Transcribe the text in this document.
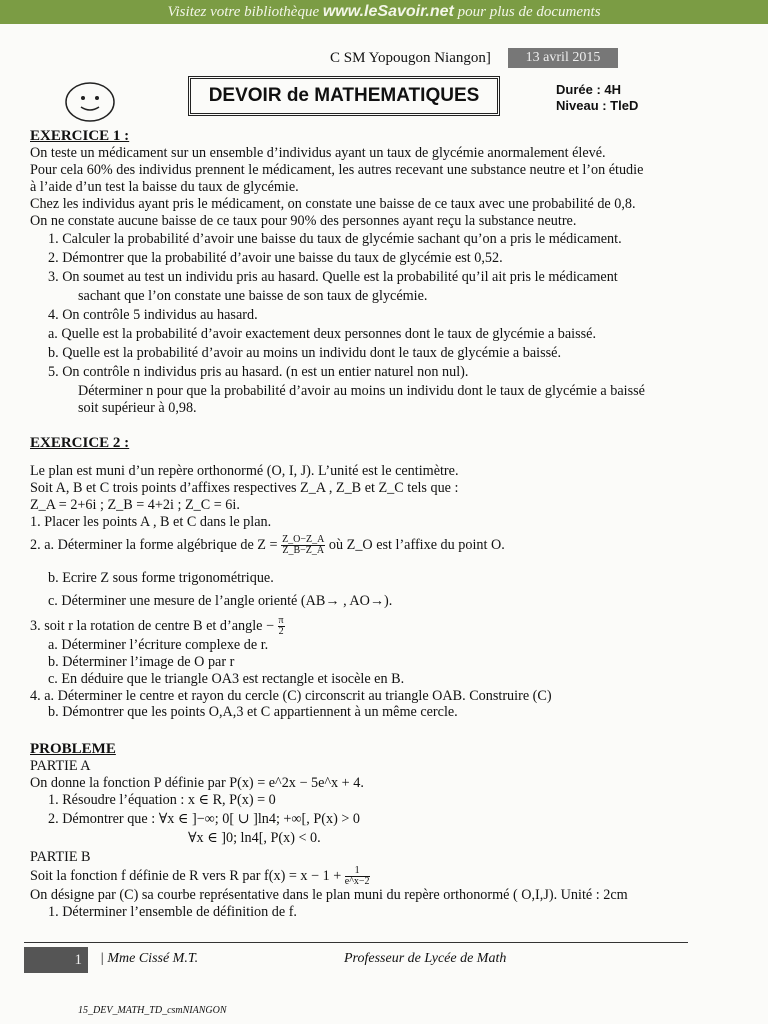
Visitez votre bibliothèque www.leSavoir.net pour plus de documents
C SM Yopougon Niangon]	13 avril 2015
DEVOIR de MATHEMATIQUES	Durée : 4H
Niveau : TleD

EXERCICE 1 :

On teste un médicament sur un ensemble d’individus ayant un taux de glycémie anormalement élevé.

Pour cela 60% des individus prennent le médicament, les autres recevant une substance neutre et l’on étudie

à l’aide d’un test la baisse du taux de glycémie.

Chez les individus ayant pris le médicament, on constate une baisse de ce taux avec une probabilité de 0,8.

On ne constate aucune baisse de ce taux pour 90% des personnes ayant reçu la substance neutre.

1. Calculer la probabilité d’avoir une baisse du taux de glycémie sachant qu’on a pris le médicament.

2. Démontrer que la probabilité d’avoir une baisse du taux de glycémie est 0,52.

3. On soumet au test un individu pris au hasard. Quelle est la probabilité qu’il ait pris le médicament

sachant que l’on constate une baisse de son taux de glycémie.

4. On contrôle 5 individus au hasard.

a. Quelle est la probabilité d’avoir exactement deux personnes dont le taux de glycémie a baissé.

b. Quelle est la probabilité d’avoir au moins un individu dont le taux de glycémie a baissé.

5. On contrôle n individus pris au hasard. (n est un entier naturel non nul).

Déterminer n pour que la probabilité d’avoir au moins un individu dont le taux de glycémie a baissé

soit supérieur à 0,98.

EXERCICE 2 :

Le plan est muni d’un repère orthonormé (O, I, J). L’unité est le centimètre.

Soit A, B et C trois points d’affixes respectives Z_A , Z_B et Z_C tels que :

Z_A = 2+6i ; Z_B = 4+2i ; Z_C = 6i.

1. Placer les points A , B et C dans le plan.

2. a. Déterminer la forme algébrique de $Z = \frac{Z\_O-Z\_A}{Z\_B-Z\_A}$ où Z_O est l’affixe du point O.

b. Ecrire Z sous forme trigonométrique.

c. Déterminer une mesure de l’angle orienté (AB→ , AO→).

3. soit r la rotation de centre B et d’angle − $\frac{\pi}{2}$

a. Déterminer l’écriture complexe de r.

b. Déterminer l’image de O par r

c. En déduire que le triangle OA3 est rectangle et isocèle en B.

4. a. Déterminer le centre et rayon du cercle (C) circonscrit au triangle OAB. Construire (C)

b. Démontrer que les points O,A,3 et C appartiennent à un même cercle.

PROBLEME

PARTIE A

On donne la fonction P définie par P(x) = e^2x − 5e^x + 4.

1. Résoudre l’équation : x ∈ R, P(x) = 0

2. Démontrer que : ∀x ∈ ]−∞; 0[ ∪ ]ln4; +∞[, P(x) > 0

∀x ∈ ]0; ln4[, P(x) < 0.

PARTIE B

Soit la fonction f définie de R vers R par $f(x) = x - 1 + \frac{1}{e\^{}x-2}$

On désigne par (C) sa courbe représentative dans le plan muni du repère orthonormé ( O,I,J). Unité : 2cm

1. Déterminer l’ensemble de définition de f.

1	| Mme Cissé M.T.	Professeur de Lycée de Math
15_DEV_MATH_TD_csmNIANGON
